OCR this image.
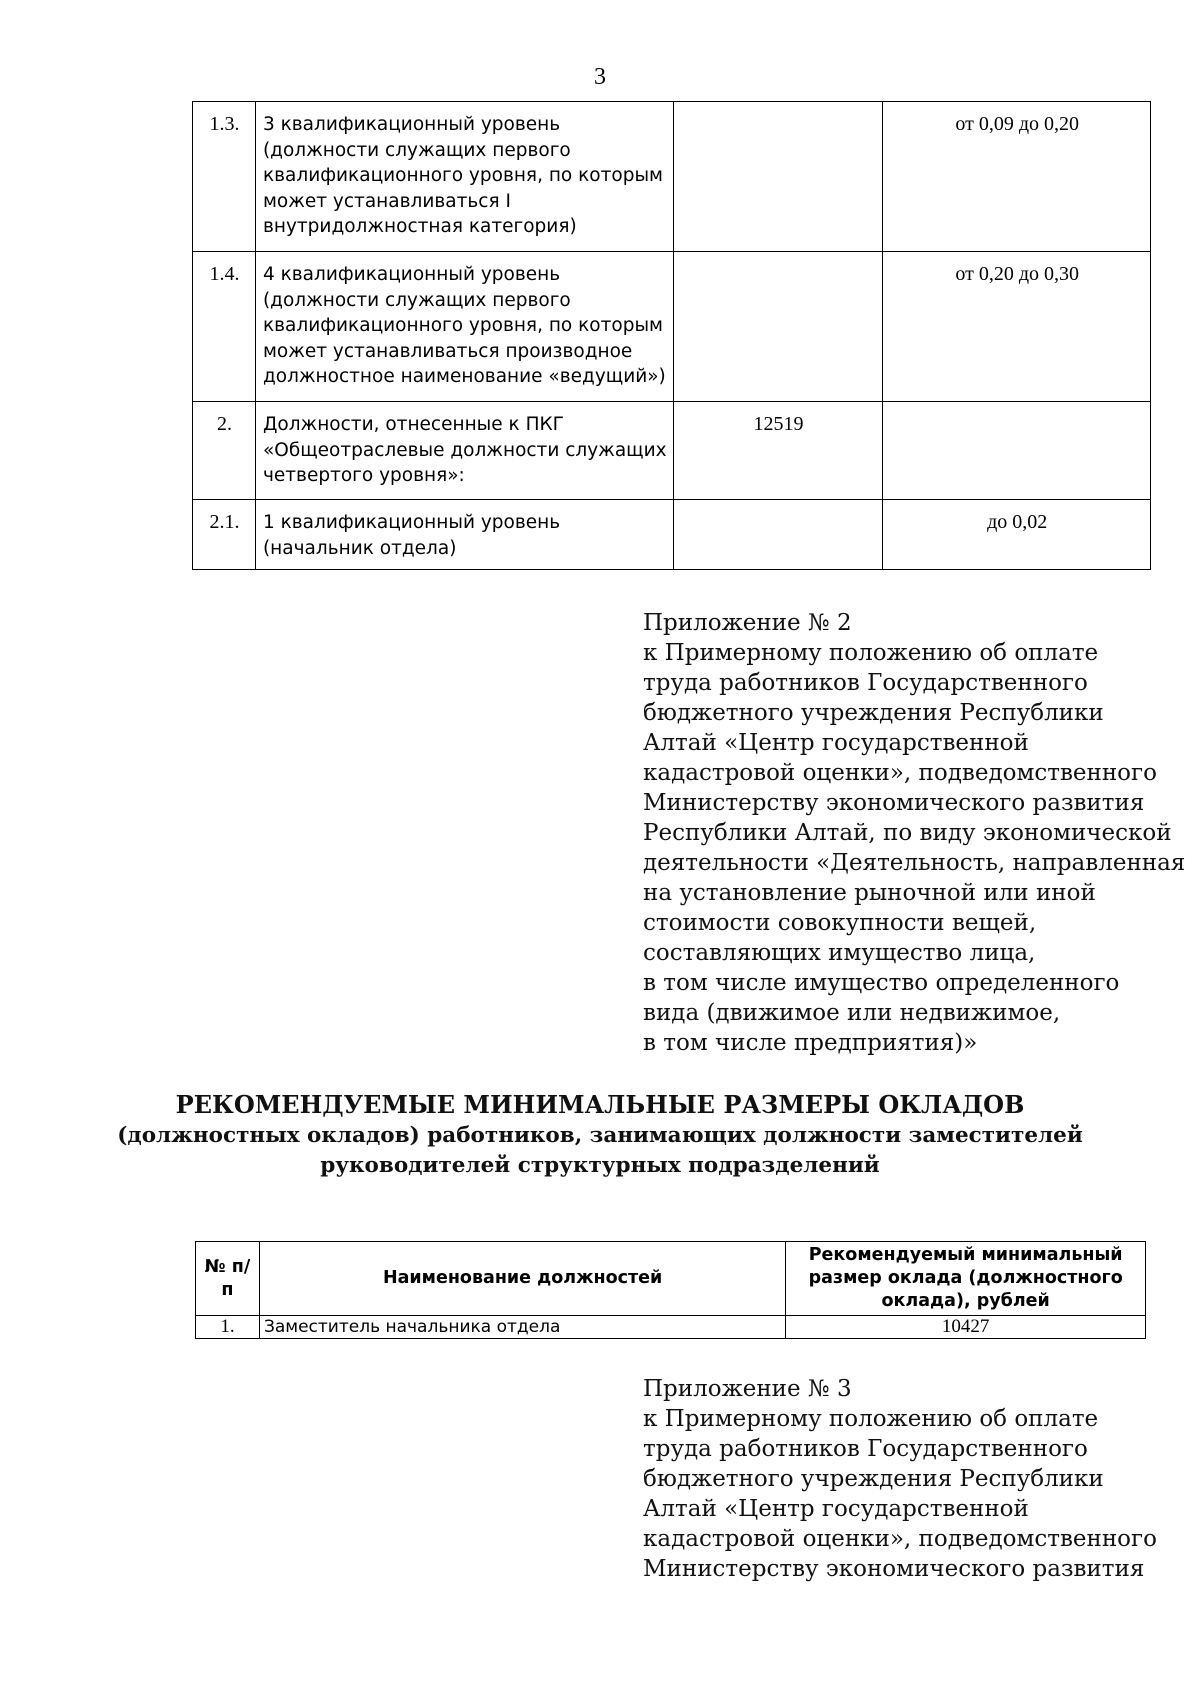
3
1.3.	3 квалификационный уровень (должности служащих первого квалификационного уровня, по которым может устанавливаться I внутридолжностная категория)		от 0,09 до 0,20
1.4.	4 квалификационный уровень (должности служащих первого квалификационного уровня, по которым может устанавливаться производное должностное наименование «ведущий»)		от 0,20 до 0,30
2.	Должности, отнесенные к ПКГ «Общеотраслевые должности служащих четвертого уровня»:	12519	
2.1.	1 квалификационный уровень (начальник отдела)		до 0,02
Приложение № 2
к Примерному положению об оплате
труда работников Государственного
бюджетного учреждения Республики
Алтай «Центр государственной
кадастровой оценки», подведомственного
Министерству экономического развития
Республики Алтай, по виду экономической
деятельности «Деятельность, направленная
на установление рыночной или иной
стоимости совокупности вещей,
составляющих имущество лица,
в том числе имущество определенного
вида (движимое или недвижимое,
в том числе предприятия)»
РЕКОМЕНДУЕМЫЕ МИНИМАЛЬНЫЕ РАЗМЕРЫ ОКЛАДОВ
(должностных окладов) работников, занимающих должности заместителей
руководителей структурных подразделений
№ п/п	Наименование должностей	Рекомендуемый минимальный размер оклада (должностного оклада), рублей
1.	Заместитель начальника отдела	10427
Приложение № 3
к Примерному положению об оплате
труда работников Государственного
бюджетного учреждения Республики
Алтай «Центр государственной
кадастровой оценки», подведомственного
Министерству экономического развития
